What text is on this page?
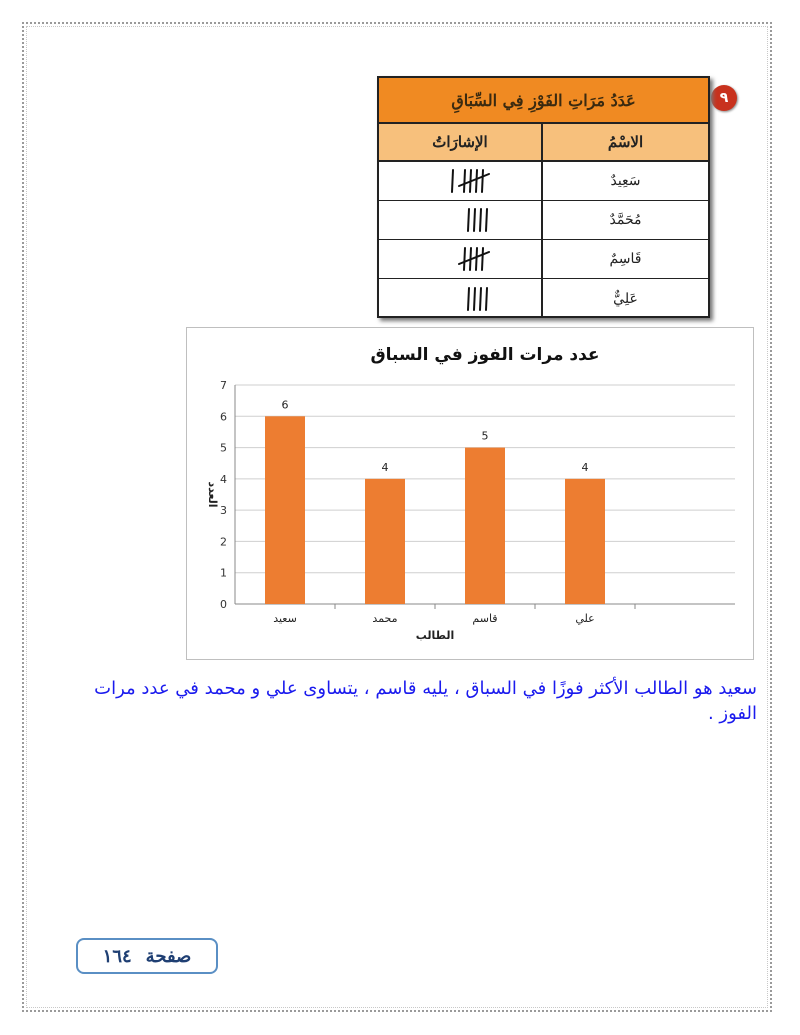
٩
عَدَدُ مَرَاتِ الفَوْزِ فِي السِّبَاقِ
الإشارَاتُ	الاسْمُ
سَعِيدٌ
مُحَمَّدٌ
قَاسِمٌ
عَلِيٌّ
عدد مرات الفوز في السباق
0
1
2
3
4
5
6
7
6
سعيد
4
محمد
5
قاسم
4
علي
الطالب
العدد
سعيد هو الطالب الأكثر فوزًا في السباق ، يليه قاسم ، يتساوى علي و محمد في عدد مرات الفوز .
صفحة
١٦٤
